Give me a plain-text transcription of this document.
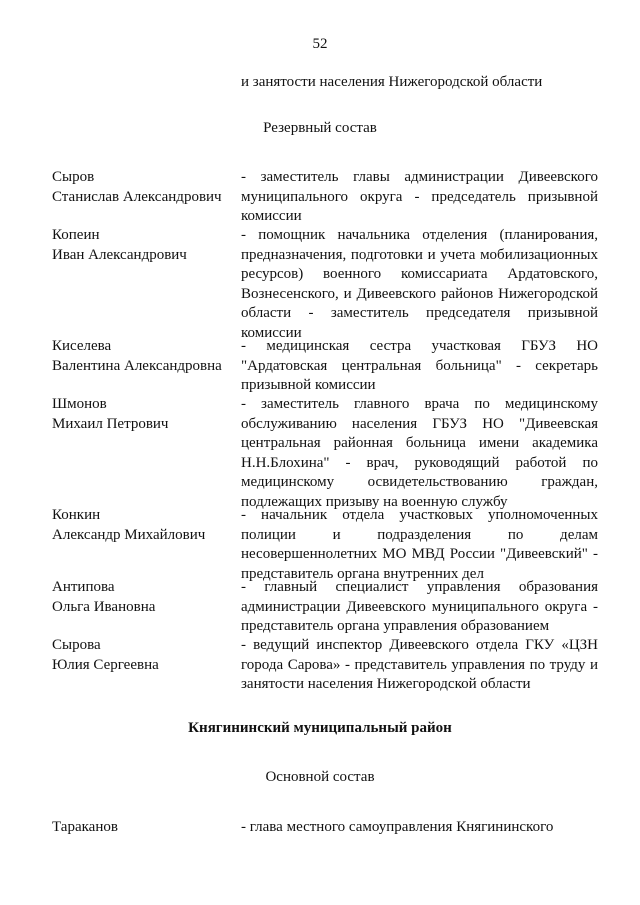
52
и занятости населения Нижегородской области
Резервный состав
Сыров
Станислав Александрович
- заместитель главы администрации Дивеевского муниципального округа - председатель призывной комиссии
Копеин
Иван Александрович
- помощник начальника отделения (планирования, предназначения, подготовки и учета мобилизационных ресурсов) военного комиссариата Ардатовского, Вознесенского, и Дивеевского районов Нижегородской области - заместитель председателя призывной комиссии
Киселева
Валентина Александровна
- медицинская сестра участковая ГБУЗ НО "Ардатовская центральная больница" - секретарь призывной комиссии
Шмонов
Михаил Петрович
- заместитель главного врача по медицинскому обслуживанию населения ГБУЗ НО "Дивеевская центральная районная больница имени академика Н.Н.Блохина" - врач, руководящий работой по медицинскому освидетельствованию граждан, подлежащих призыву на военную службу
Конкин
Александр Михайлович
- начальник отдела участковых уполномоченных полиции и подразделения по делам несовершеннолетних МО МВД России "Дивеевский" - представитель органа внутренних дел
Антипова
Ольга Ивановна
- главный специалист управления образования администрации Дивеевского муниципального округа - представитель органа управления образованием
Сырова
Юлия Сергеевна
- ведущий инспектор Дивеевского отдела ГКУ «ЦЗН города Сарова» - представитель управления по труду и занятости населения Нижегородской области
Княгининский муниципальный район
Основной состав
Тараканов	- глава местного самоуправления Княгининского
